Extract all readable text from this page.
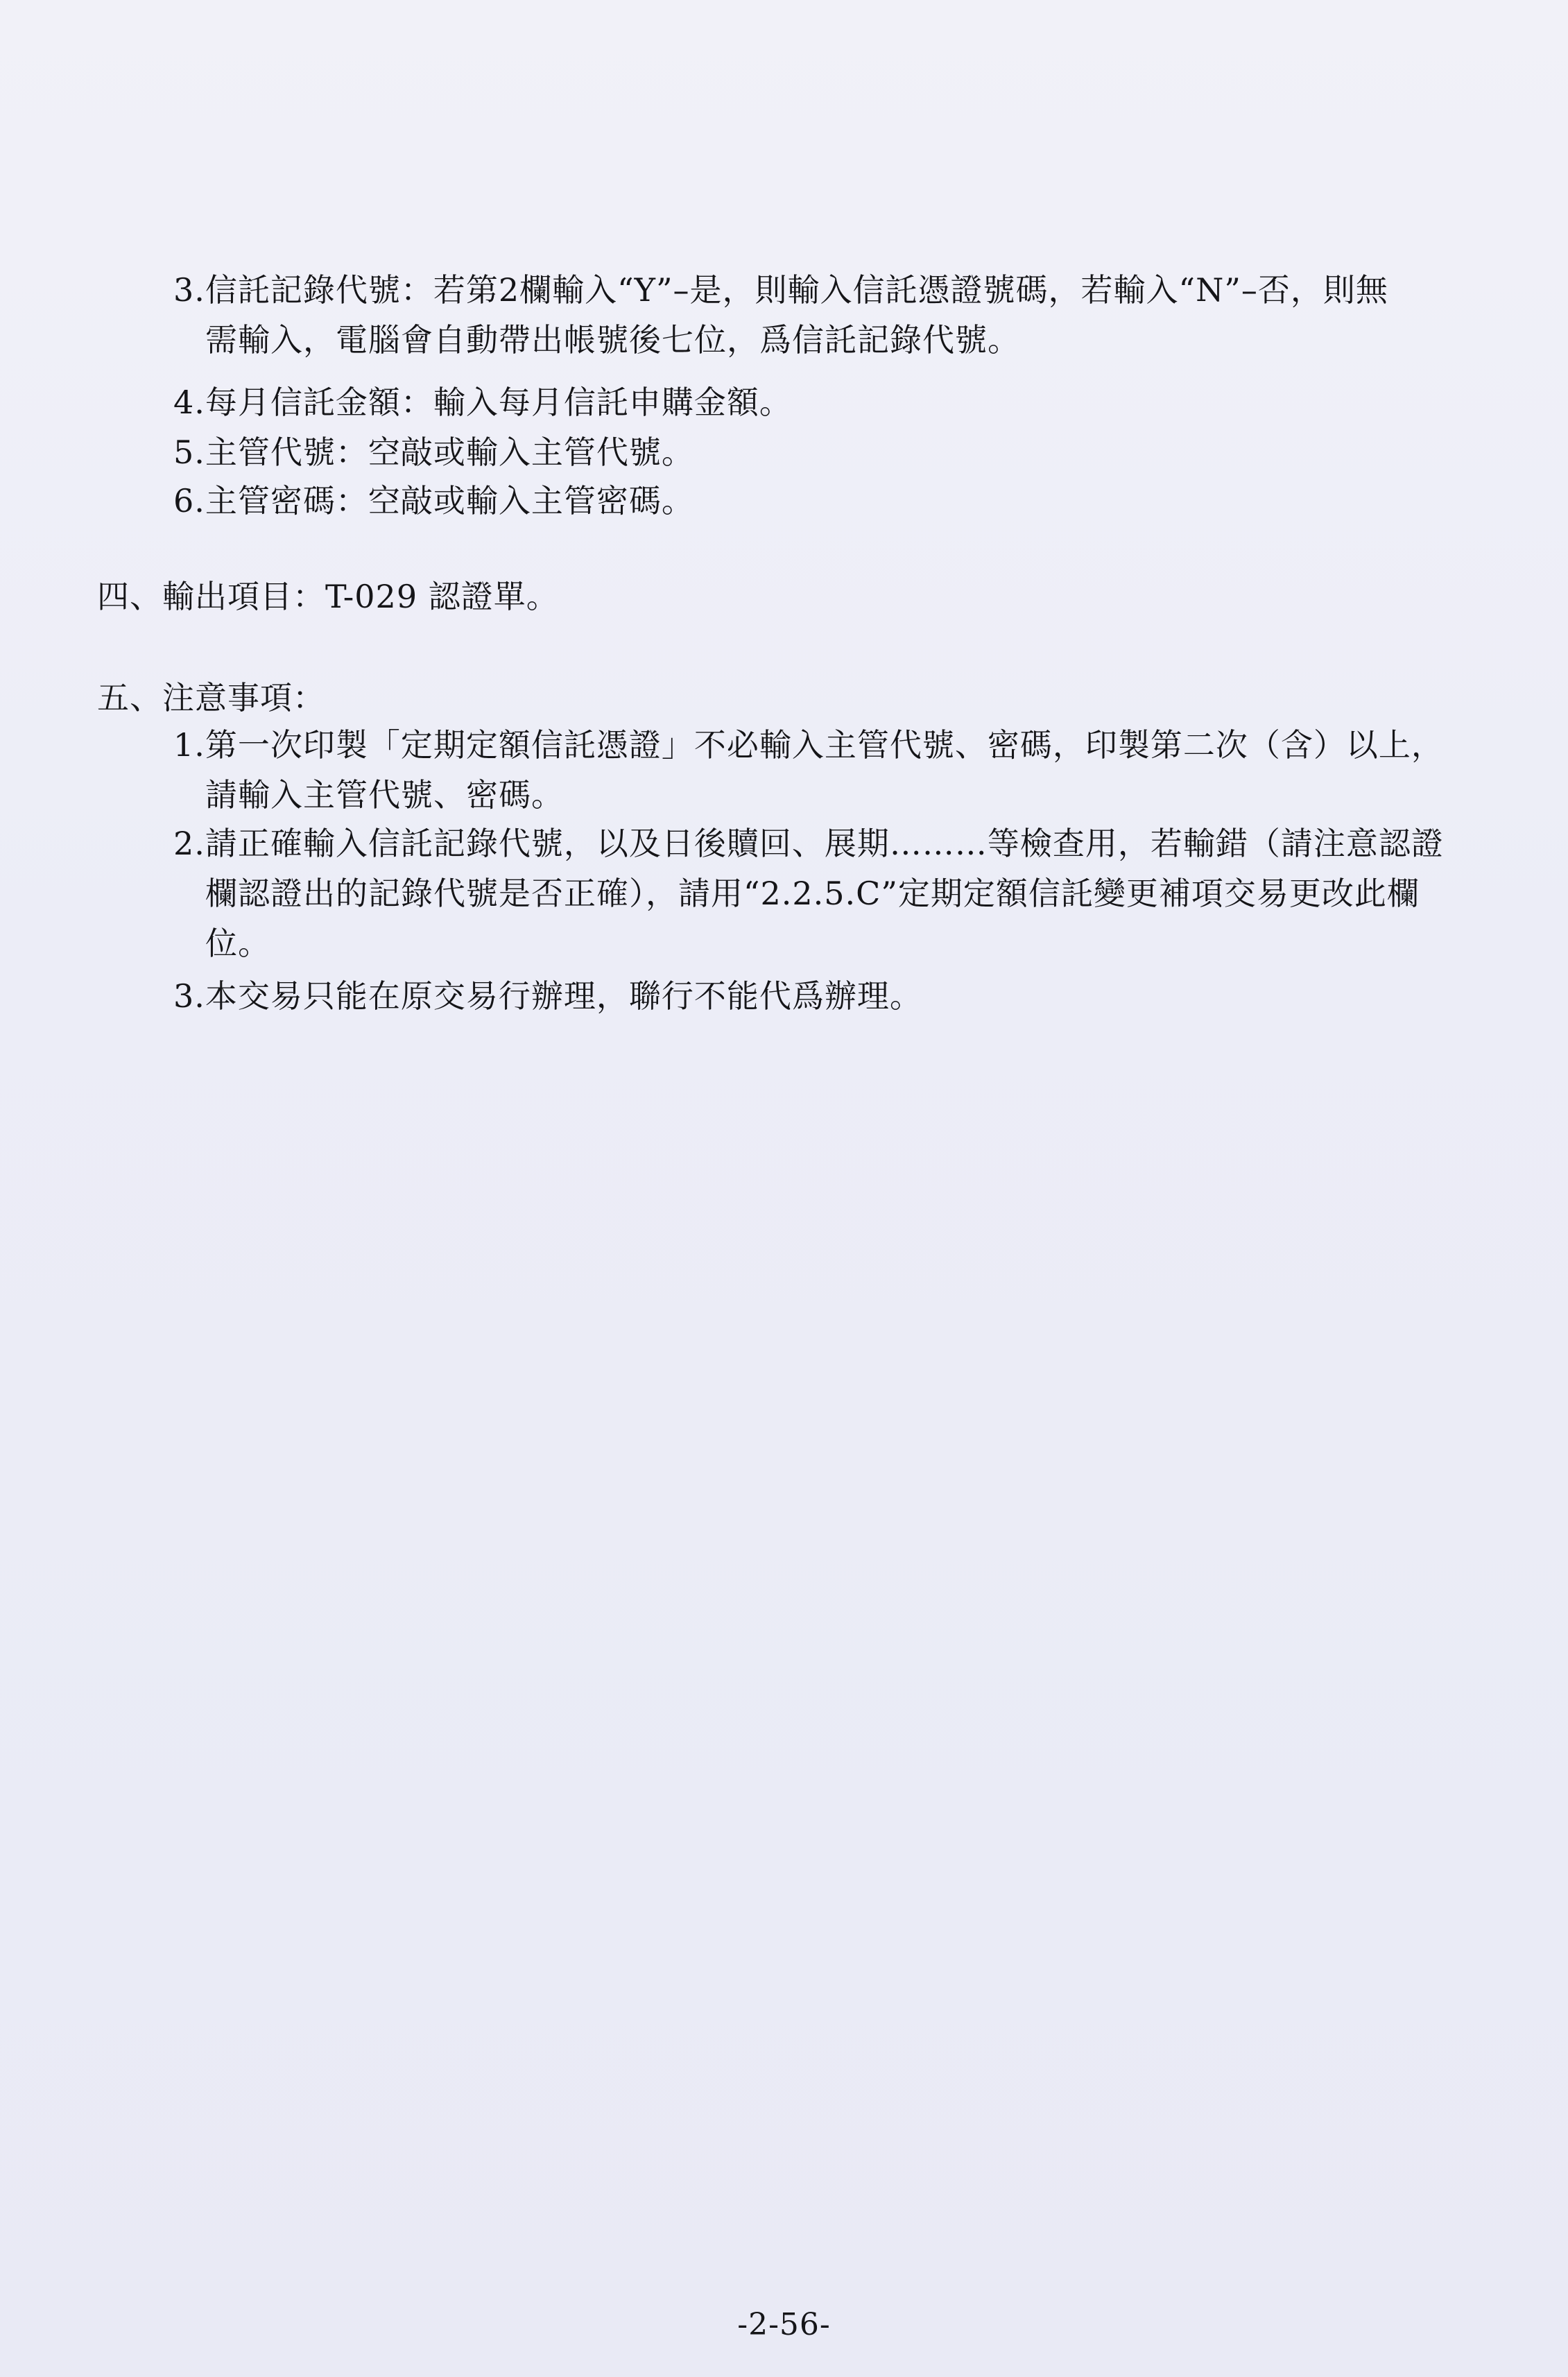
3.信託記錄代號：若第2欄輸入“Y”–是，則輸入信託憑證號碼，若輸入“N”–否，則無
需輸入，電腦會自動帶出帳號後七位，爲信託記錄代號。
4.每月信託金額：輸入每月信託申購金額。
5.主管代號：空敲或輸入主管代號。
6.主管密碼：空敲或輸入主管密碼。
四、輸出項目：T-029 認證單。
五、注意事項：
1.第一次印製「定期定額信託憑證」不必輸入主管代號、密碼，印製第二次（含）以上，
請輸入主管代號、密碼。
2.請正確輸入信託記錄代號，以及日後贖回、展期………等檢查用，若輸錯（請注意認證
欄認證出的記錄代號是否正確），請用“2.2.5.C”定期定額信託變更補項交易更改此欄
位。
3.本交易只能在原交易行辦理，聯行不能代爲辦理。
-2-56-
